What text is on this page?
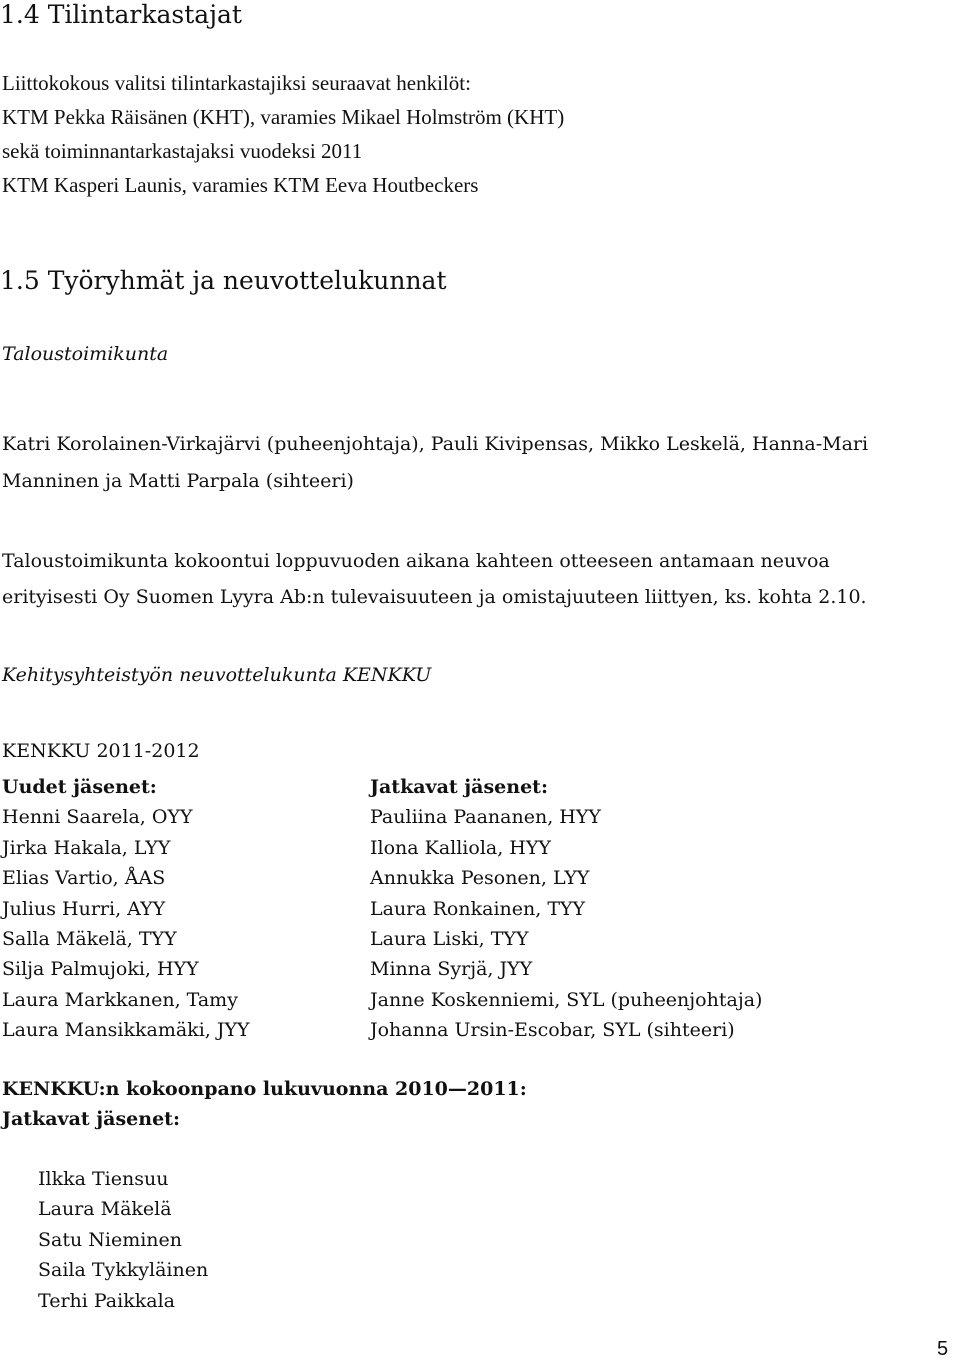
1.4 Tilintarkastajat
Liittokokous valitsi tilintarkastajiksi seuraavat henkilöt:
KTM Pekka Räisänen (KHT), varamies Mikael Holmström (KHT)
sekä toiminnantarkastajaksi vuodeksi 2011
KTM Kasperi Launis, varamies KTM Eeva Houtbeckers
1.5 Työryhmät ja neuvottelukunnat
Taloustoimikunta
Katri Korolainen-Virkajärvi (puheenjohtaja), Pauli Kivipensas, Mikko Leskelä, Hanna-Mari
Manninen ja Matti Parpala (sihteeri)
Taloustoimikunta kokoontui loppuvuoden aikana kahteen otteeseen antamaan neuvoa
erityisesti Oy Suomen Lyyra Ab:n tulevaisuuteen ja omistajuuteen liittyen, ks. kohta 2.10.
Kehitysyhteistyön neuvottelukunta KENKKU
KENKKU 2011-2012
Uudet jäsenet:
Henni Saarela, OYY
Jirka Hakala, LYY
Elias Vartio, ÅAS
Julius Hurri, AYY
Salla Mäkelä, TYY
Silja Palmujoki, HYY
Laura Markkanen, Tamy
Laura Mansikkamäki, JYY
Jatkavat jäsenet:
Pauliina Paananen, HYY
Ilona Kalliola, HYY
Annukka Pesonen, LYY
Laura Ronkainen, TYY
Laura Liski, TYY
Minna Syrjä, JYY
Janne Koskenniemi, SYL (puheenjohtaja)
Johanna Ursin-Escobar, SYL (sihteeri)
KENKKU:n kokoonpano lukuvuonna 2010—2011:
Jatkavat jäsenet:
Ilkka Tiensuu
Laura Mäkelä
Satu Nieminen
Saila Tykkyläinen
Terhi Paikkala
5
